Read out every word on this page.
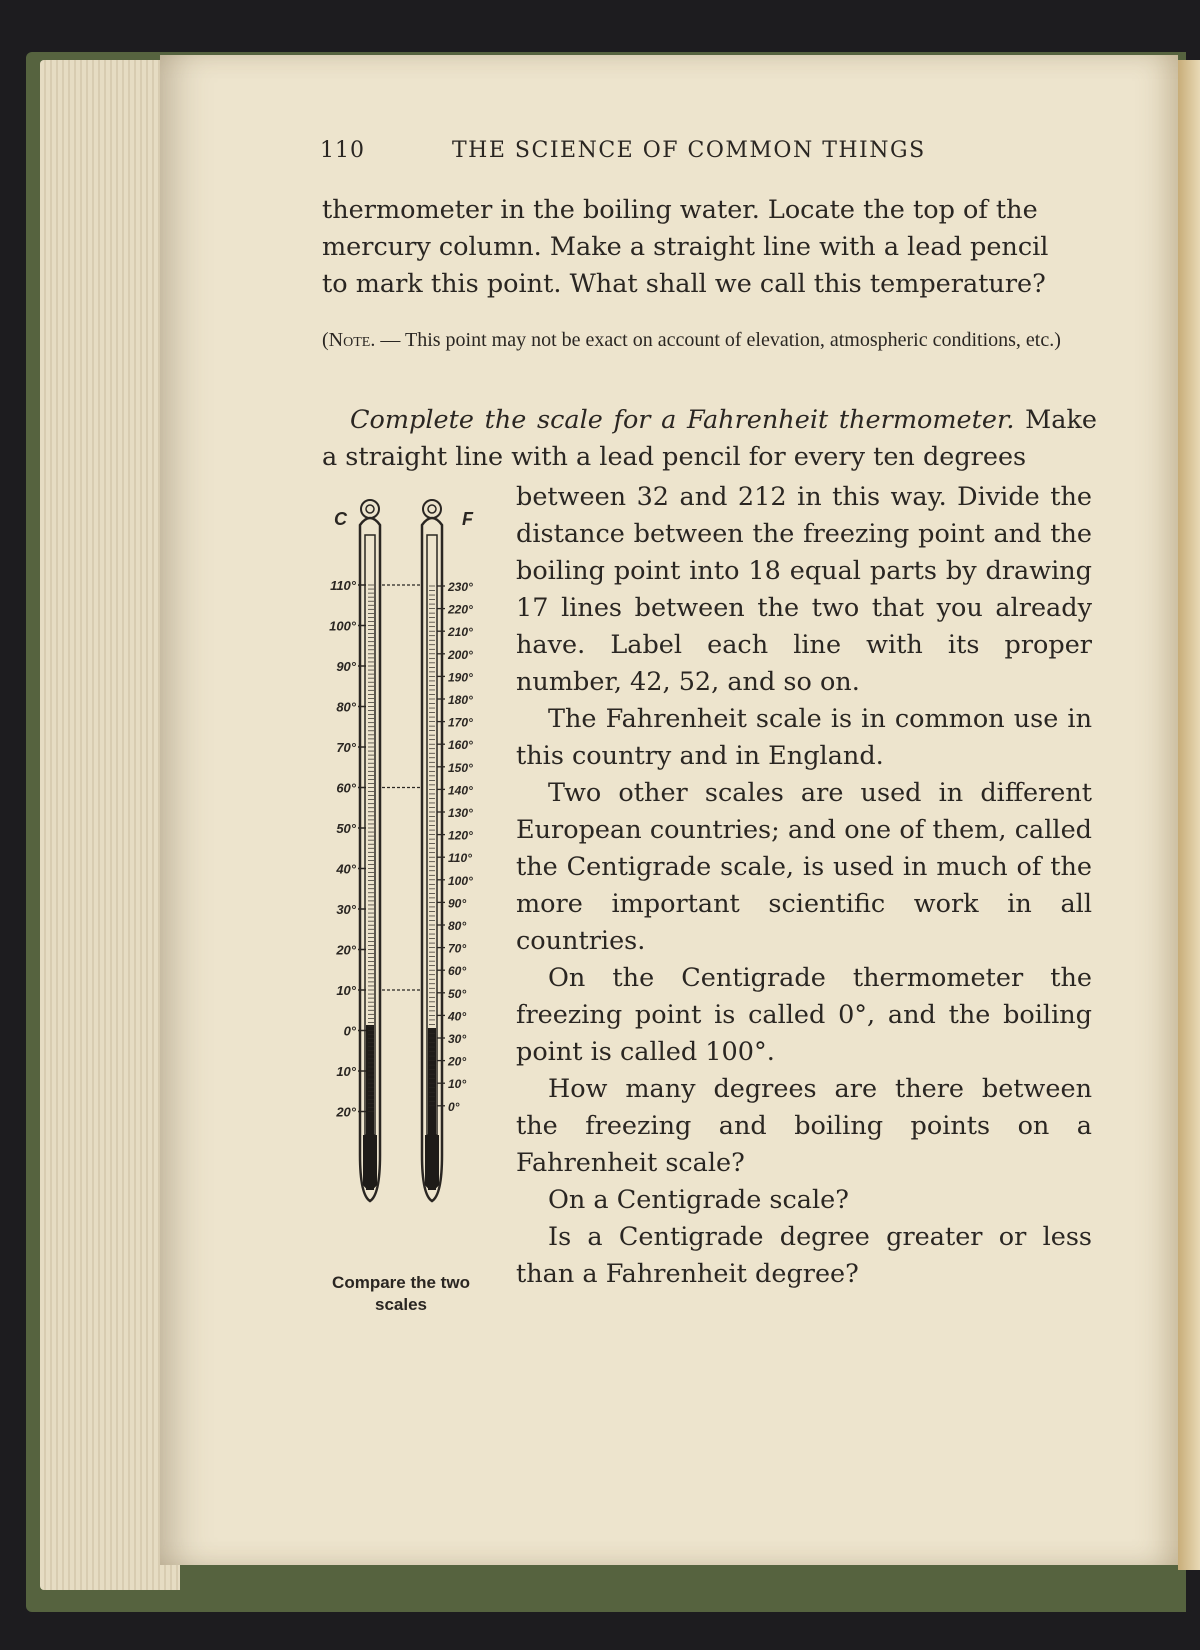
110	THE SCIENCE OF COMMON THINGS
thermometer in the boiling water. Locate the top of the
mercury column. Make a straight line with a lead pencil
to mark this point. What shall we call this temperature?
(Note. — This point may not be exact on account of elevation, atmospheric conditions, etc.)
Complete the scale for a Fahrenheit thermometer. Make a straight line with a lead pencil for every ten degrees

between 32 and 212 in this way. Divide the distance between the freezing point and the boiling point into 18 equal parts by drawing 17 lines between the two that you already have. Label each line with its proper number, 42, 52, and so on.

The Fahrenheit scale is in common use in this country and in England.

Two other scales are used in different European countries; and one of them, called the Centigrade scale, is used in much of the more important scientific work in all countries.

On the Centigrade thermometer the freezing point is called 0°, and the boiling point is called 100°.

How many degrees are there between the freezing and boiling points on a Fahrenheit scale?

On a Centigrade scale?

Is a Centigrade degree greater or less than a Fahrenheit degree?

C	F
110°
100°
90°
80°
70°
60°
50°
40°
30°
20°
10°
0°
10°
20°
230°
220°
210°
200°
190°
180°
170°
160°
150°
140°
130°
120°
110°
100°
90°
80°
70°
60°
50°
40°
30°
20°
10°
0°
Compare the two
scales
